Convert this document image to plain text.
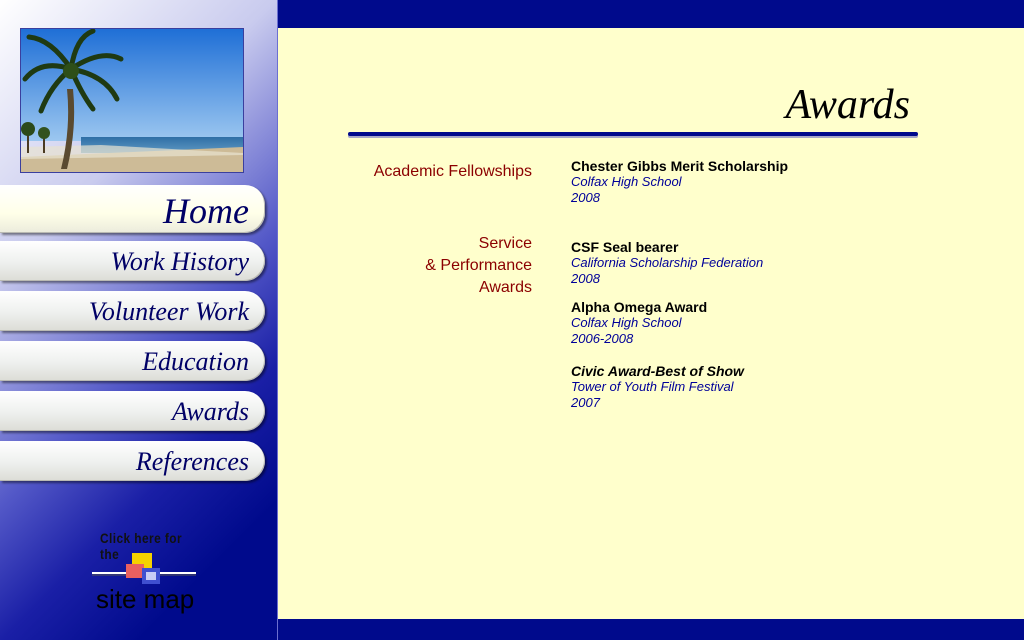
Home
Work History
Volunteer Work
Education
Awards
References
Click here for the
site map
Awards
Academic Fellowships
Service
& Performance
Awards
Chester Gibbs Merit Scholarship
Colfax High School
2008
CSF Seal bearer
California Scholarship Federation
2008
Alpha Omega Award
Colfax High School
2006-2008
Civic Award-Best of Show
Tower of Youth Film Festival
2007
